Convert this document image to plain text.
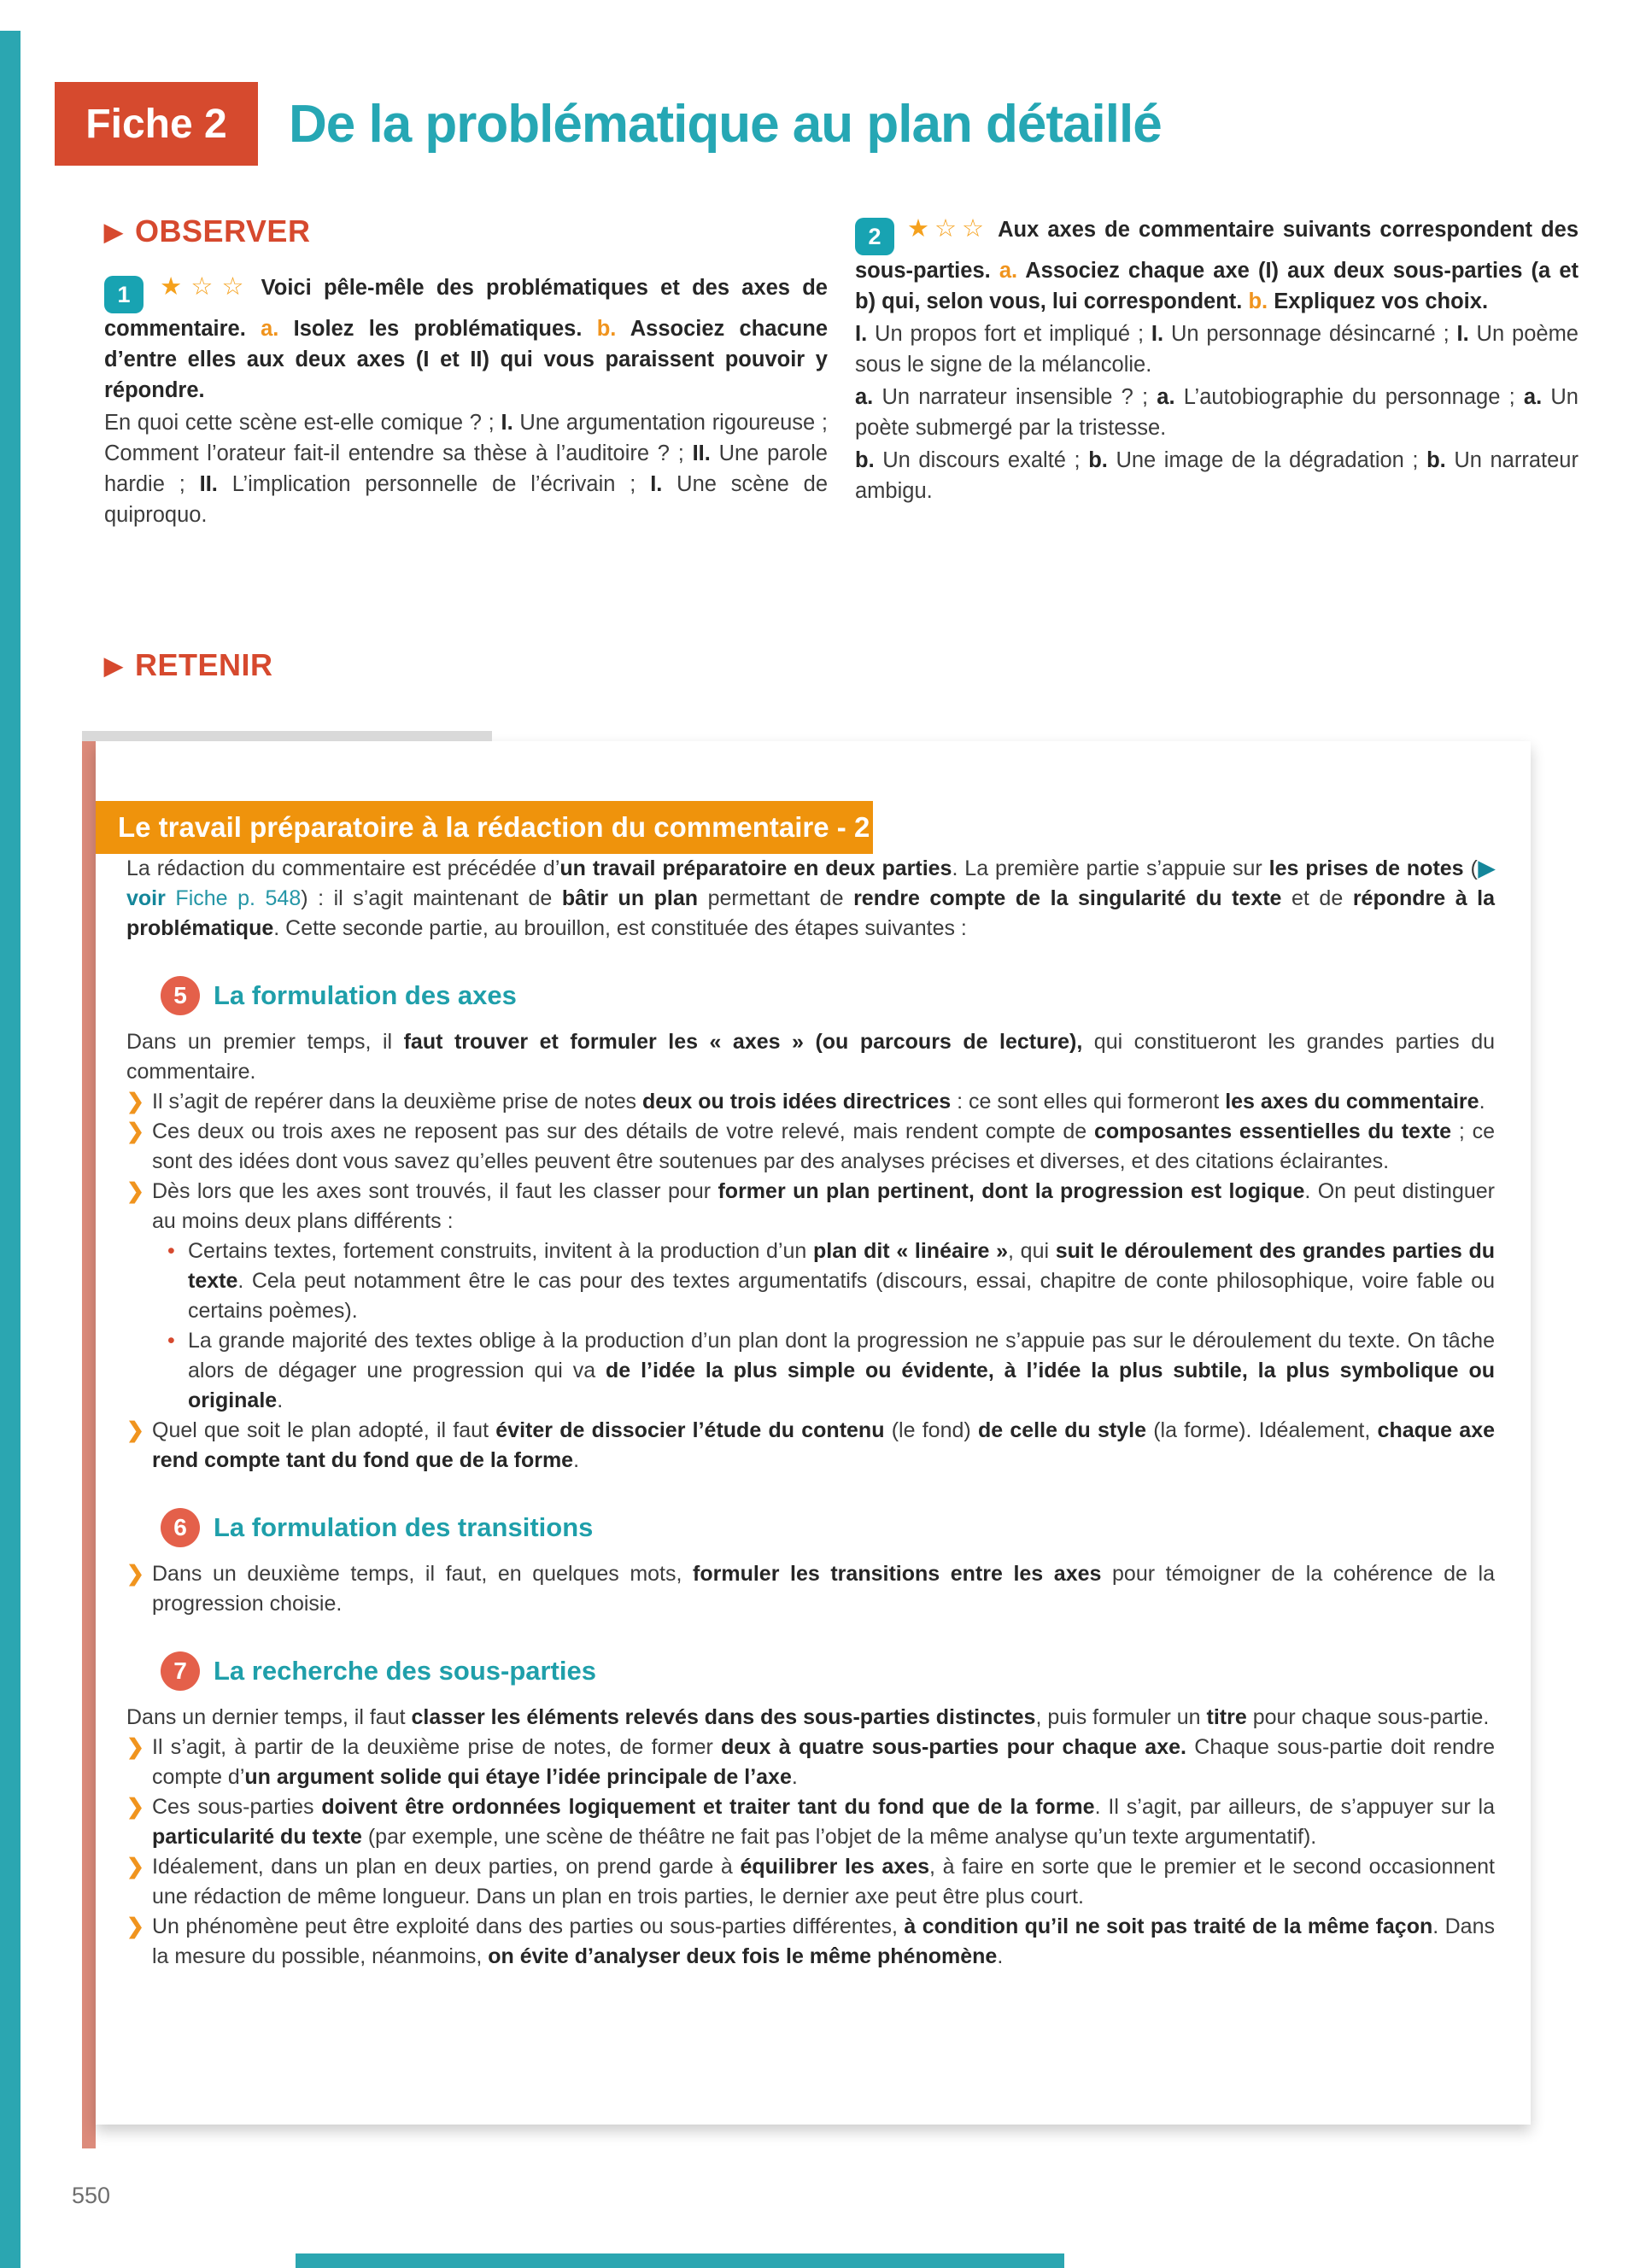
550
Fiche 2	De la problématique au plan détaillé
▶ OBSERVER

1 ★☆☆ Voici pêle-mêle des problématiques et des axes de commentaire. a. Isolez les problématiques. b. Associez chacune d’entre elles aux deux axes (I et II) qui vous paraissent pouvoir y répondre.

En quoi cette scène est-elle comique ? ; I. Une argumentation rigoureuse ; Comment l’orateur fait-il entendre sa thèse à l’auditoire ? ; II. Une parole hardie ; II. L’implication personnelle de l’écrivain ; I. Une scène de quiproquo.

2 ★☆☆ Aux axes de commentaire suivants correspondent des sous-parties. a. Associez chaque axe (I) aux deux sous-parties (a et b) qui, selon vous, lui correspondent. b. Expliquez vos choix.

I. Un propos fort et impliqué ; I. Un personnage désincarné ; I. Un poème sous le signe de la mélancolie.

a. Un narrateur insensible ? ; a. L’autobiographie du personnage ; a. Un poète submergé par la tristesse.

b. Un discours exalté ; b. Une image de la dégradation ; b. Un narrateur ambigu.

▶ RETENIR
Le travail préparatoire à la rédaction du commentaire - 2 / 2

La rédaction du commentaire est précédée d’un travail préparatoire en deux parties. La première partie s’appuie sur les prises de notes (▶ voir Fiche p. 548) : il s’agit maintenant de bâtir un plan permettant de rendre compte de la singularité du texte et de répondre à la problématique. Cette seconde partie, au brouillon, est constituée des étapes suivantes :

5	La formulation des axes

Dans un premier temps, il faut trouver et formuler les « axes » (ou parcours de lecture), qui constitueront les grandes parties du commentaire.

❯ Il s’agit de repérer dans la deuxième prise de notes deux ou trois idées directrices : ce sont elles qui formeront les axes du commentaire.

❯ Ces deux ou trois axes ne reposent pas sur des détails de votre relevé, mais rendent compte de composantes essentielles du texte ; ce sont des idées dont vous savez qu’elles peuvent être soutenues par des analyses précises et diverses, et des citations éclairantes.

❯ Dès lors que les axes sont trouvés, il faut les classer pour former un plan pertinent, dont la progression est logique. On peut distinguer au moins deux plans différents :

• Certains textes, fortement construits, invitent à la production d’un plan dit « linéaire », qui suit le déroulement des grandes parties du texte. Cela peut notamment être le cas pour des textes argumentatifs (discours, essai, chapitre de conte philosophique, voire fable ou certains poèmes).

• La grande majorité des textes oblige à la production d’un plan dont la progression ne s’appuie pas sur le déroulement du texte. On tâche alors de dégager une progression qui va de l’idée la plus simple ou évidente, à l’idée la plus subtile, la plus symbolique ou originale.

❯ Quel que soit le plan adopté, il faut éviter de dissocier l’étude du contenu (le fond) de celle du style (la forme). Idéalement, chaque axe rend compte tant du fond que de la forme.

6	La formulation des transitions
❯ Dans un deuxième temps, il faut, en quelques mots, formuler les transitions entre les axes pour témoigner de la cohérence de la progression choisie.

7	La recherche des sous-parties

Dans un dernier temps, il faut classer les éléments relevés dans des sous-parties distinctes, puis formuler un titre pour chaque sous-partie.

❯ Il s’agit, à partir de la deuxième prise de notes, de former deux à quatre sous-parties pour chaque axe. Chaque sous-partie doit rendre compte d’un argument solide qui étaye l’idée principale de l’axe.

❯ Ces sous-parties doivent être ordonnées logiquement et traiter tant du fond que de la forme. Il s’agit, par ailleurs, de s’appuyer sur la particularité du texte (par exemple, une scène de théâtre ne fait pas l’objet de la même analyse qu’un texte argumentatif).

❯ Idéalement, dans un plan en deux parties, on prend garde à équilibrer les axes, à faire en sorte que le premier et le second occasionnent une rédaction de même longueur. Dans un plan en trois parties, le dernier axe peut être plus court.

❯ Un phénomène peut être exploité dans des parties ou sous-parties différentes, à condition qu’il ne soit pas traité de la même façon. Dans la mesure du possible, néanmoins, on évite d’analyser deux fois le même phénomène.
